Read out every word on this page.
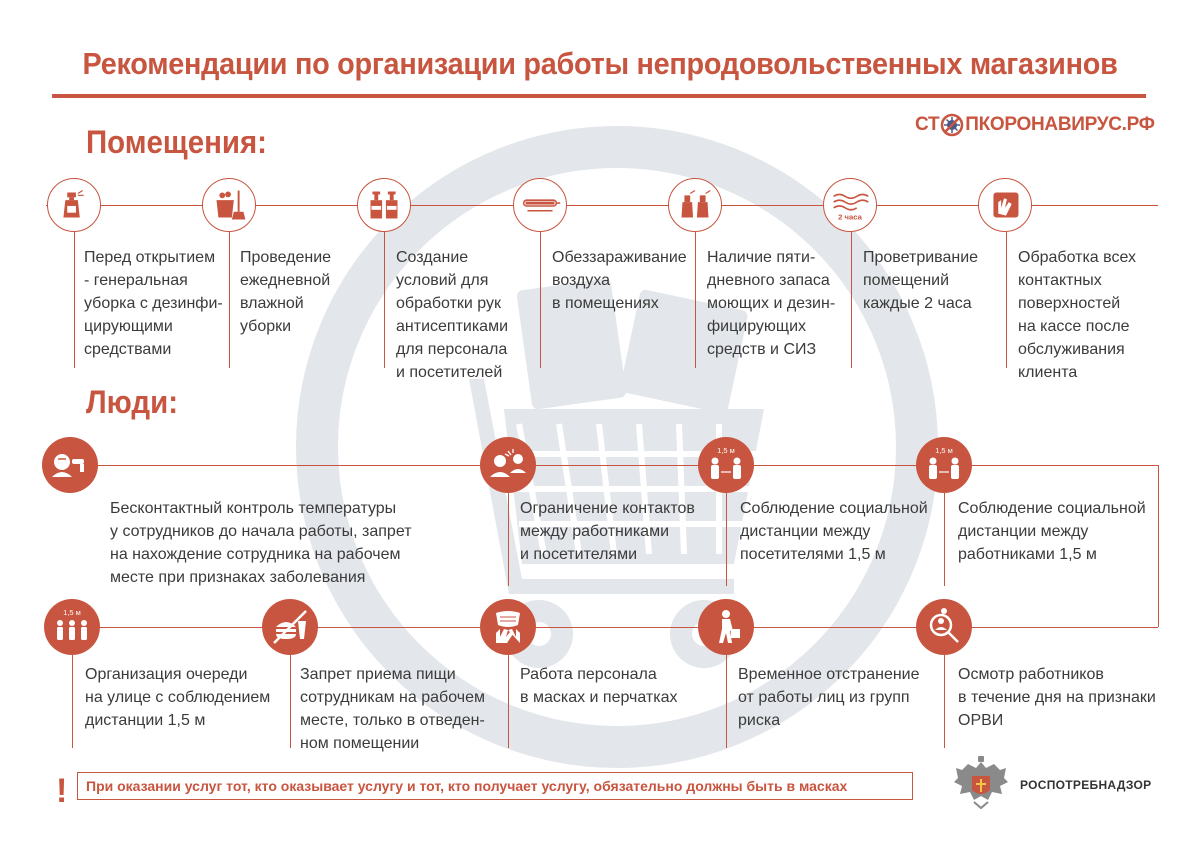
Рекомендации по организации работы непродовольственных магазинов
СТ ПКОРОНАВИРУС.РФ
Помещения:
2 часа
Перед открытием
- генеральная
уборка с дезинфи-
цирующими
средствами
Проведение
ежедневной
влажной
уборки
Создание
условий для
обработки рук
антисептиками
для персонала
и посетителей
Обеззараживание
воздуха
в помещениях
Наличие пяти-
дневного запаса
моющих и дезин-
фицирующих
средств и СИЗ
Проветривание
помещений
каждые 2 часа
Обработка всех
контактных
поверхностей
на кассе после
обслуживания
клиента
Люди:
1,5 м	1,5 м
1,5 м
Бесконтактный контроль температуры
у сотрудников до начала работы, запрет
на нахождение сотрудника на рабочем
месте при признаках заболевания
Ограничение контактов
между работниками
и посетителями
Соблюдение социальной
дистанции между
посетителями 1,5 м
Соблюдение социальной
дистанции между
работниками 1,5 м
Организация очереди
на улице с соблюдением
дистанции 1,5 м
Запрет приема пищи
сотрудникам на рабочем
месте, только в отведен-
ном помещении
Работа персонала
в масках и перчатках
Временное отстранение
от работы лиц из групп
риска
Осмотр работников
в течение дня на признаки
ОРВИ
!	При оказании услуг тот, кто оказывает услугу и тот, кто получает услугу, обязательно должны быть в масках	РОСПОТРЕБНАДЗОР
